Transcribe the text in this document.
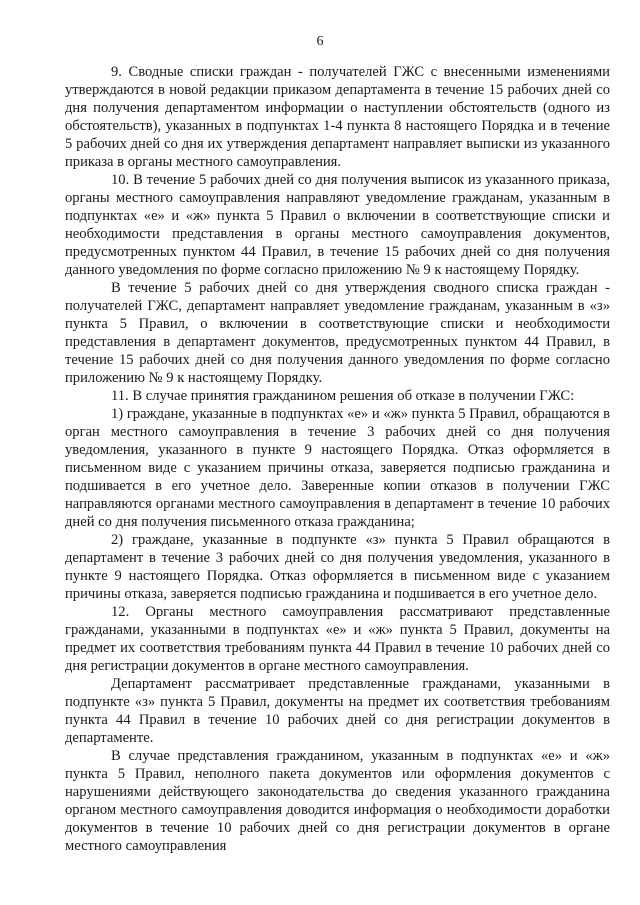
6

9. Сводные списки граждан - получателей ГЖС с внесенными изменениями утверждаются в новой редакции приказом департамента в течение 15 рабочих дней со дня получения департаментом информации о наступлении обстоятельств (одного из обстоятельств), указанных в подпунктах 1-4 пункта 8 настоящего Порядка и в течение 5 рабочих дней со дня их утверждения департамент направляет выписки из указанного приказа в органы местного самоуправления.

10. В течение 5 рабочих дней со дня получения выписок из указанного приказа, органы местного самоуправления направляют уведомление гражданам, указанным в подпунктах «е» и «ж» пункта 5 Правил о включении в соответствующие списки и необходимости представления в органы местного самоуправления документов, предусмотренных пунктом 44 Правил, в течение 15 рабочих дней со дня получения данного уведомления по форме согласно приложению № 9 к настоящему Порядку.

В течение 5 рабочих дней со дня утверждения сводного списка граждан - получателей ГЖС, департамент направляет уведомление гражданам, указанным в «з» пункта 5 Правил, о включении в соответствующие списки и необходимости представления в департамент документов, предусмотренных пунктом 44 Правил, в течение 15 рабочих дней со дня получения данного уведомления по форме согласно приложению № 9 к настоящему Порядку.

11. В случае принятия гражданином решения об отказе в получении ГЖС:

1) граждане, указанные в подпунктах «е» и «ж» пункта 5 Правил, обращаются в орган местного самоуправления в течение 3 рабочих дней со дня получения уведомления, указанного в пункте 9 настоящего Порядка. Отказ оформляется в письменном виде с указанием причины отказа, заверяется подписью гражданина и подшивается в его учетное дело. Заверенные копии отказов в получении ГЖС направляются органами местного самоуправления в департамент в течение 10 рабочих дней со дня получения письменного отказа гражданина;

2) граждане, указанные в подпункте «з» пункта 5 Правил обращаются в департамент в течение 3 рабочих дней со дня получения уведомления, указанного в пункте 9 настоящего Порядка. Отказ оформляется в письменном виде с указанием причины отказа, заверяется подписью гражданина и подшивается в его учетное дело.

12. Органы местного самоуправления рассматривают представленные гражданами, указанными в подпунктах «е» и «ж» пункта 5 Правил, документы на предмет их соответствия требованиям пункта 44 Правил в течение 10 рабочих дней со дня регистрации документов в органе местного самоуправления.

Департамент рассматривает представленные гражданами, указанными в подпункте «з» пункта 5 Правил, документы на предмет их соответствия требованиям пункта 44 Правил в течение 10 рабочих дней со дня регистрации документов в департаменте.

В случае представления гражданином, указанным в подпунктах «е» и «ж» пункта 5 Правил, неполного пакета документов или оформления документов с нарушениями действующего законодательства до сведения указанного гражданина органом местного самоуправления доводится информация о необходимости доработки документов в течение 10 рабочих дней со дня регистрации документов в органе местного самоуправления
